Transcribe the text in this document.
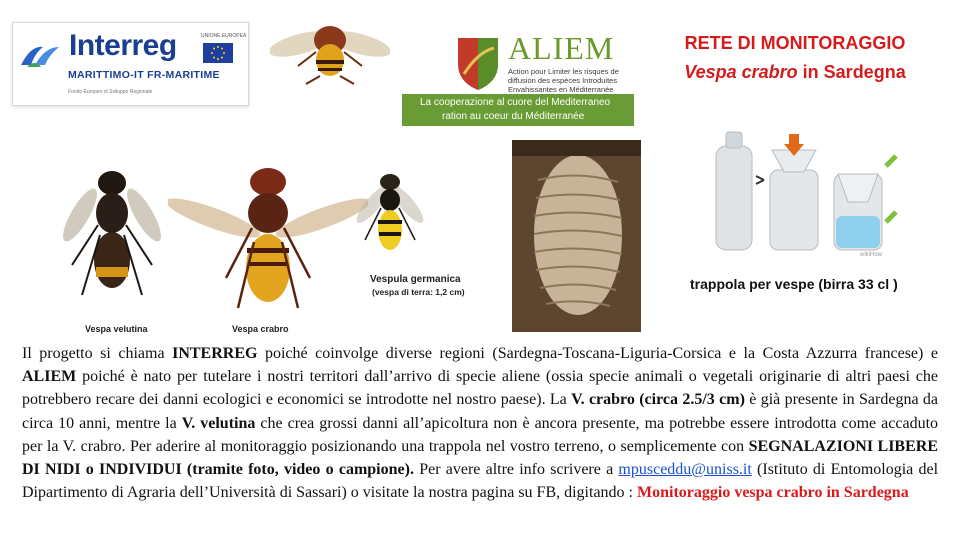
Interreg	UNIONE EUROPEA
MARITTIMO-IT FR-MARITIME
Fondo Europeo di Sviluppo Regionale
ALIEM
Action pour Limiter les risques de diffusion des espèces Introduites Envahissantes en Méditerranée
La cooperazione al cuore del Mediterraneo
ration au coeur du Méditerranée
RETE DI MONITORAGGIO
Vespa crabro in Sardegna
Vespa velutina	Vespa crabro
Vespula germanica
(vespa di terra: 1,2 cm)
wikiHow
trappola per vespe (birra 33 cl )
Il progetto si chiama INTERREG poiché coinvolge diverse regioni (Sardegna-Toscana-Liguria-Corsica e la Costa Azzurra francese) e ALIEM poiché è nato per tutelare i nostri territori dall’arrivo di specie aliene (ossia specie animali o vegetali originarie di altri paesi che potrebbero recare dei danni ecologici e economici se introdotte nel nostro paese). La V. crabro (circa 2.5/3 cm) è già presente in Sardegna da circa 10 anni, mentre la V. velutina che crea grossi danni all’apicoltura non è ancora presente, ma potrebbe essere introdotta come accaduto per la V. crabro. Per aderire al monitoraggio posizionando una trappola nel vostro terreno, o semplicemente con SEGNALAZIONI LIBERE DI NIDI o INDIVIDUI (tramite foto, video o campione). Per avere altre info scrivere a mpusceddu@uniss.it (Istituto di Entomologia del Dipartimento di Agraria dell’Università di Sassari) o visitate la nostra pagina su FB, digitando : Monitoraggio vespa crabro in Sardegna
